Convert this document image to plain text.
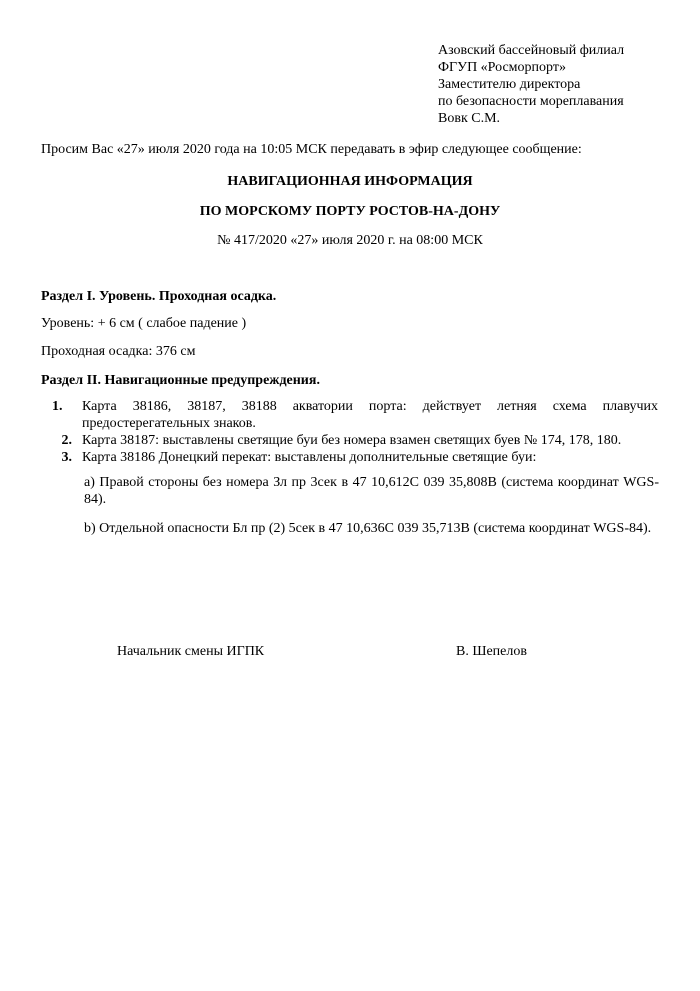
Азовский бассейновый филиал
ФГУП «Росморпорт»
Заместителю директора
по безопасности мореплавания
Вовк С.М.
Просим Вас «27» июля 2020 года на 10:05 МСК передавать в эфир следующее сообщение:
НАВИГАЦИОННАЯ ИНФОРМАЦИЯ
ПО МОРСКОМУ ПОРТУ РОСТОВ-НА-ДОНУ
№ 417/2020 «27» июля 2020 г. на 08:00 МСК
Раздел I. Уровень. Проходная осадка.
Уровень: + 6 см ( слабое падение )
Проходная осадка: 376 см
Раздел II. Навигационные предупреждения.
1.	Карта 38186, 38187, 38188 акватории порта: действует летняя схема плавучих
предостерегательных знаков.
2. Карта 38187: выставлены светящие буи без номера взамен светящих буев № 174, 178, 180.
3. Карта 38186 Донецкий перекат: выставлены дополнительные светящие буи:
a) Правой стороны без номера Зл пр 3сек в 47 10,612С 039 35,808В (система координат WGS-84).
b) Отдельной опасности Бл пр (2) 5сек в 47 10,636С 039 35,713В (система координат WGS-84).
Начальник смены ИГПК	В. Шепелов
